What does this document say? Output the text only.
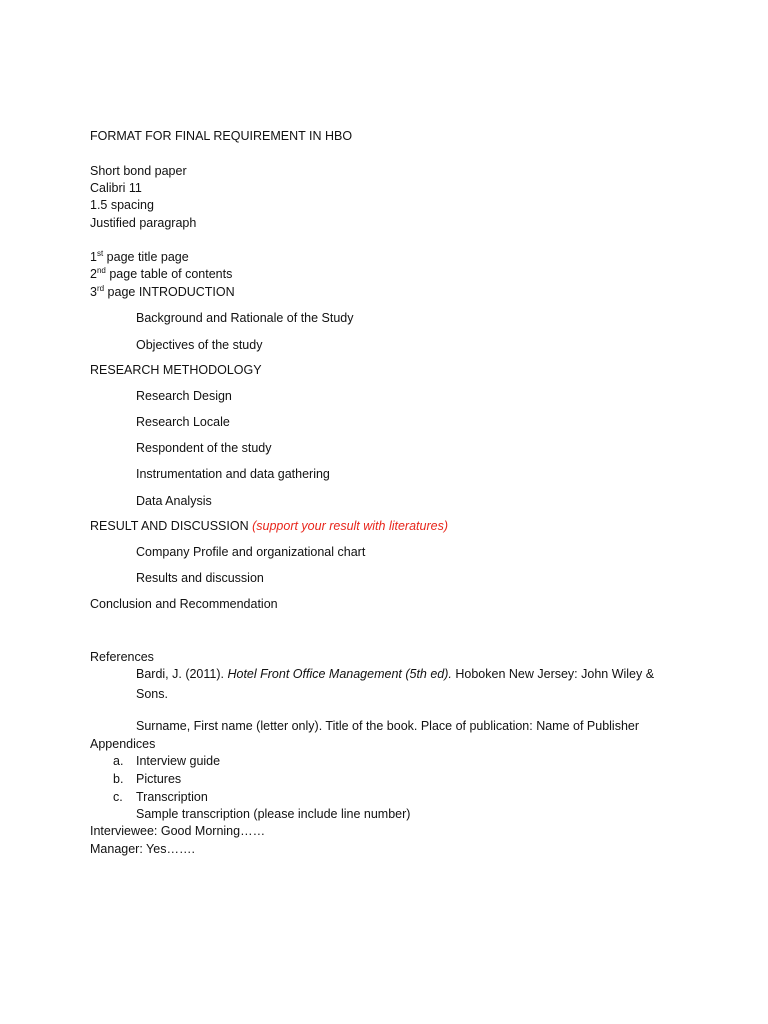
FORMAT FOR FINAL REQUIREMENT IN HBO
Short bond paper
Calibri 11
1.5 spacing
Justified paragraph
1st page title page
2nd page table of contents
3rd page INTRODUCTION
Background and Rationale of the Study
Objectives of the study
RESEARCH METHODOLOGY
Research Design
Research Locale
Respondent of the study
Instrumentation and data gathering
Data Analysis
RESULT AND DISCUSSION (support your result with literatures)
Company Profile and organizational chart
Results and discussion
Conclusion and Recommendation
References
Bardi, J. (2011). Hotel Front Office Management (5th ed). Hoboken New Jersey: John Wiley &
Sons.
Surname, First name (letter only). Title of the book. Place of publication: Name of Publisher
Appendices
a. Interview guide
b. Pictures
c. Transcription
Sample transcription (please include line number)
Interviewee: Good Morning……
Manager: Yes…….
